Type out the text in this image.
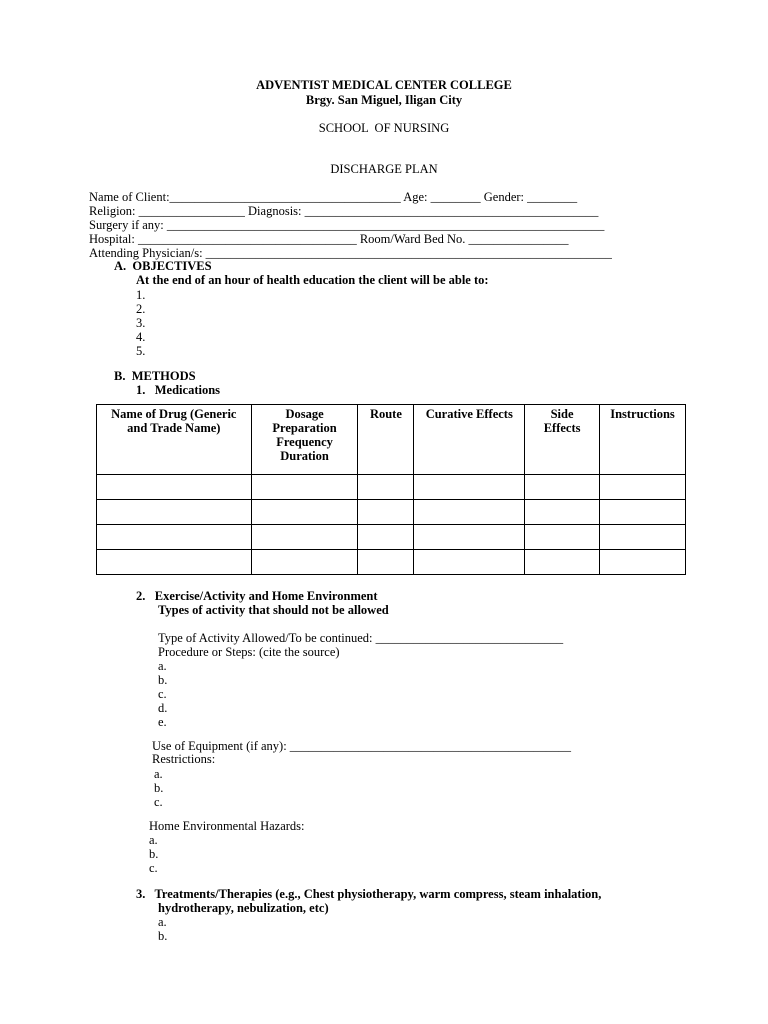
ADVENTIST MEDICAL CENTER COLLEGE
Brgy. San Miguel, Iligan City
SCHOOL  OF NURSING
DISCHARGE PLAN
Name of Client:_____________________________________ Age: ________ Gender: ________
Religion: _________________ Diagnosis: _______________________________________________
Surgery if any: ______________________________________________________________________
Hospital: ___________________________________ Room/Ward Bed No. ________________
Attending Physician/s: _________________________________________________________________
A.  OBJECTIVES
At the end of an hour of health education the client will be able to:
1.
2.
3.
4.
5.
B.  METHODS
1.   Medications
Name of Drug (Generic
and Trade Name)	Dosage
Preparation
Frequency
Duration	Route	Curative Effects	Side
Effects	Instructions

2.   Exercise/Activity and Home Environment
Types of activity that should not be allowed
Type of Activity Allowed/To be continued: ______________________________
Procedure or Steps: (cite the source)
a.
b.
c.
d.
e.
Use of Equipment (if any): _____________________________________________
Restrictions:
a.
b.
c.
Home Environmental Hazards:
a.
b.
c.
3.   Treatments/Therapies (e.g., Chest physiotherapy, warm compress, steam inhalation,
hydrotherapy, nebulization, etc)
a.
b.
